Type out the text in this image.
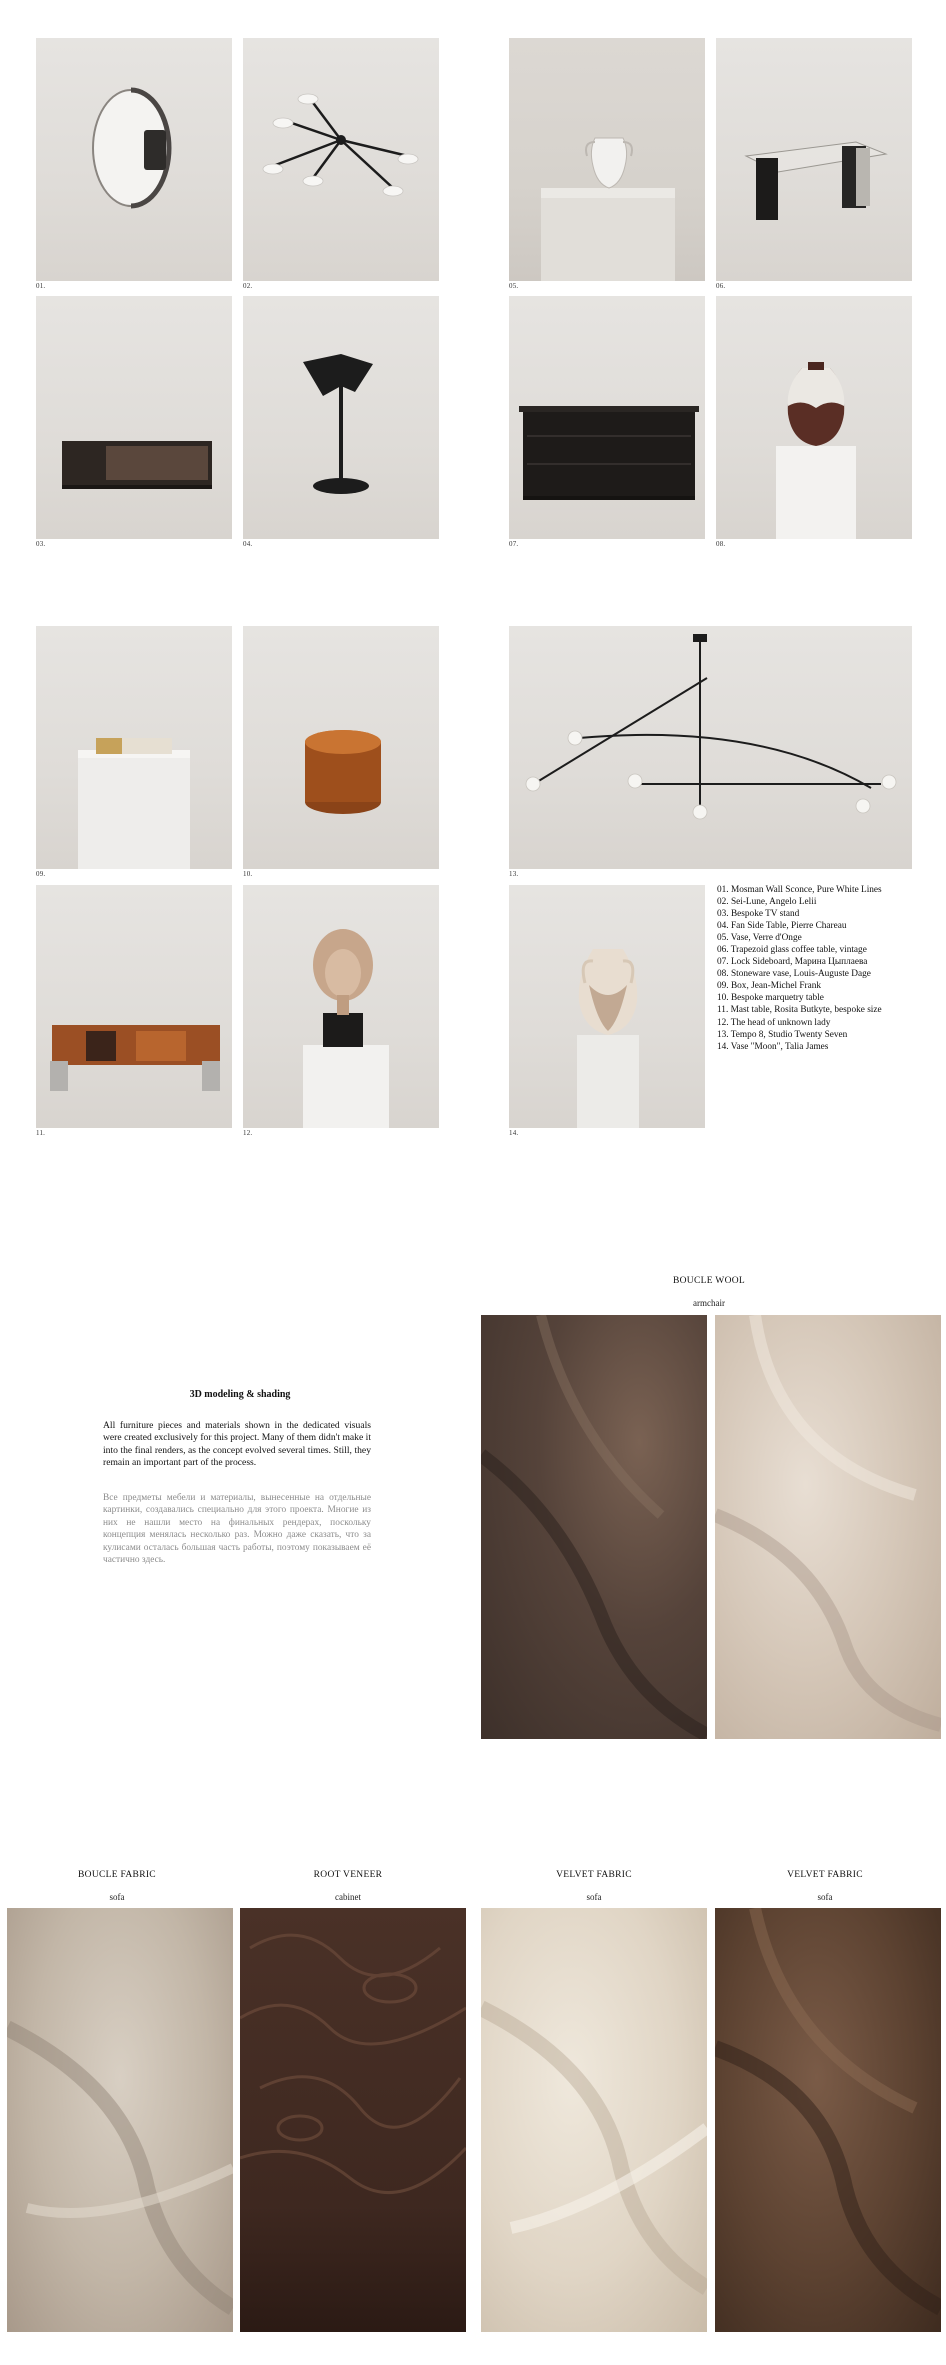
01.	02.	05.	06.
03.	04.	07.	08.
09.	10.	13.
11.	12.	14.
01. Mosman Wall Sconce, Pure White Lines
02. Sei-Lune, Angelo Lelii
03. Bespoke TV stand
04. Fan Side Table, Pierre Chareau
05. Vase, Verre d'Onge
06. Trapezoid glass coffee table, vintage
07. Lock Sideboard, Марина Цыплаева
08. Stoneware vase, Louis-Auguste Dage
09. Box, Jean-Michel Frank
10. Bespoke marquetry table
11. Mast table, Rosita Butkyte, bespoke size
12. The head of unknown lady
13. Tempo 8, Studio Twenty Seven
14. Vase "Moon", Talia James
3D modeling & shading
All furniture pieces and materials shown in the dedicated visuals were created exclusively for this project. Many of them didn't make it into the final renders, as the concept evolved several times. Still, they remain an important part of the process.
Все предметы мебели и материалы, вынесенные на отдельные картинки, создавались специально для этого проекта. Многие из них не нашли место на финальных рендерах, поскольку концепция менялась несколько раз. Можно даже сказать, что за кулисами осталась большая часть работы, поэтому показываем её частично здесь.
BOUCLE WOOL
armchair
BOUCLE FABRIC
sofa
ROOT VENEER
cabinet
VELVET FABRIC
sofa
VELVET FABRIC
sofa
